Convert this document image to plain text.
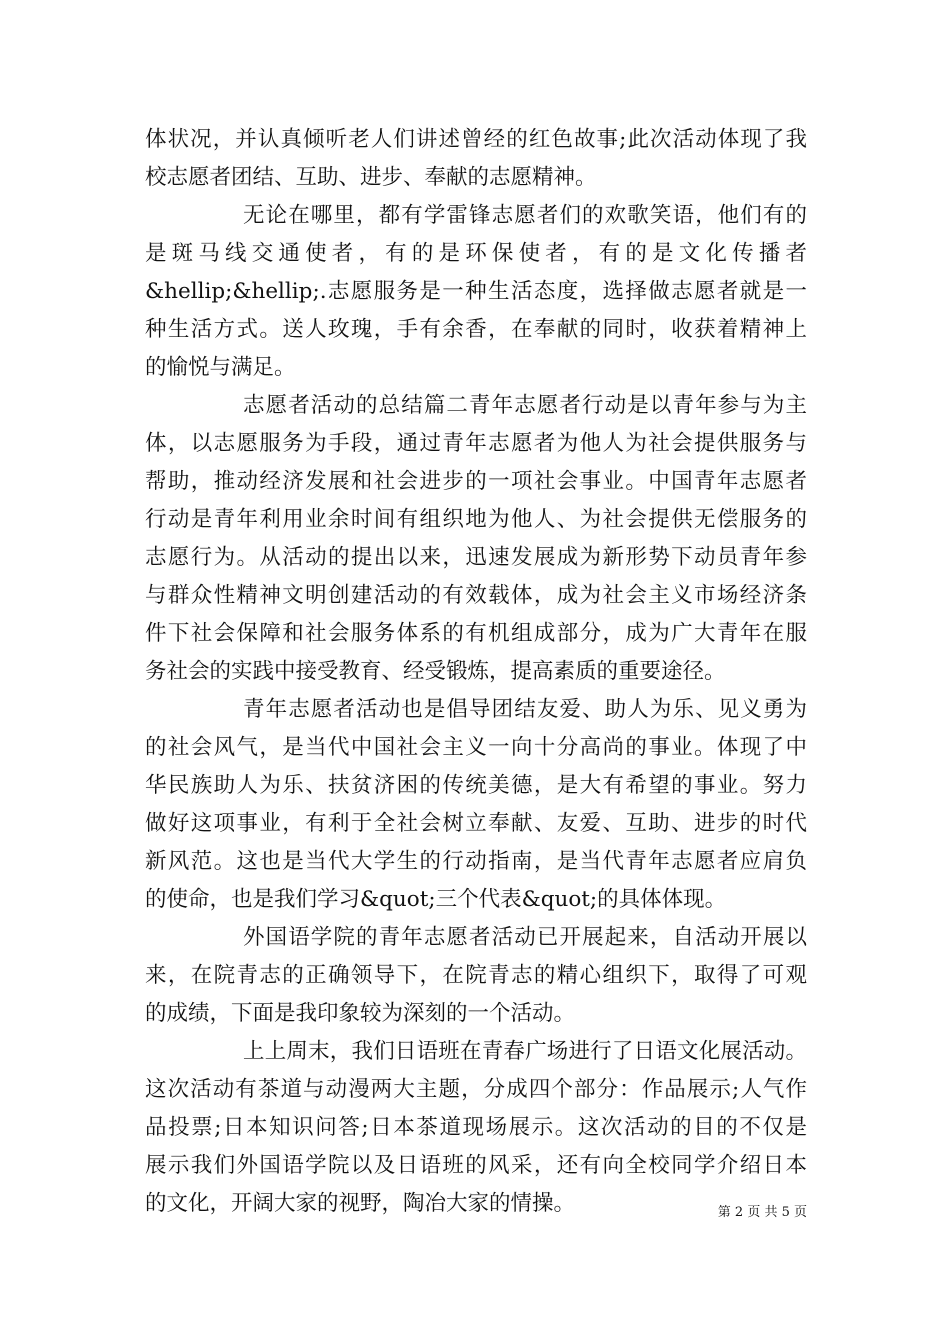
体状况，并认真倾听老人们讲述曾经的红色故事;此次活动体现了我
校志愿者团结、互助、进步、奉献的志愿精神。
无论在哪里，都有学雷锋志愿者们的欢歌笑语，他们有的
是斑马线交通使者，有的是环保使者，有的是文化传播者
&hellip;&hellip;.志愿服务是一种生活态度，选择做志愿者就是一
种生活方式。送人玫瑰，手有余香，在奉献的同时，收获着精神上
的愉悦与满足。
志愿者活动的总结篇二青年志愿者行动是以青年参与为主
体，以志愿服务为手段，通过青年志愿者为他人为社会提供服务与
帮助，推动经济发展和社会进步的一项社会事业。中国青年志愿者
行动是青年利用业余时间有组织地为他人、为社会提供无偿服务的
志愿行为。从活动的提出以来，迅速发展成为新形势下动员青年参
与群众性精神文明创建活动的有效载体，成为社会主义市场经济条
件下社会保障和社会服务体系的有机组成部分，成为广大青年在服
务社会的实践中接受教育、经受锻炼，提高素质的重要途径。
青年志愿者活动也是倡导团结友爱、助人为乐、见义勇为
的社会风气，是当代中国社会主义一向十分高尚的事业。体现了中
华民族助人为乐、扶贫济困的传统美德，是大有希望的事业。努力
做好这项事业，有利于全社会树立奉献、友爱、互助、进步的时代
新风范。这也是当代大学生的行动指南，是当代青年志愿者应肩负
的使命，也是我们学习&quot;三个代表&quot;的具体体现。
外国语学院的青年志愿者活动已开展起来，自活动开展以
来，在院青志的正确领导下，在院青志的精心组织下，取得了可观
的成绩，下面是我印象较为深刻的一个活动。
上上周末，我们日语班在青春广场进行了日语文化展活动。
这次活动有茶道与动漫两大主题，分成四个部分：作品展示;人气作
品投票;日本知识问答;日本茶道现场展示。这次活动的目的不仅是
展示我们外国语学院以及日语班的风采，还有向全校同学介绍日本
的文化，开阔大家的视野，陶冶大家的情操。	第 2 页 共 5 页
